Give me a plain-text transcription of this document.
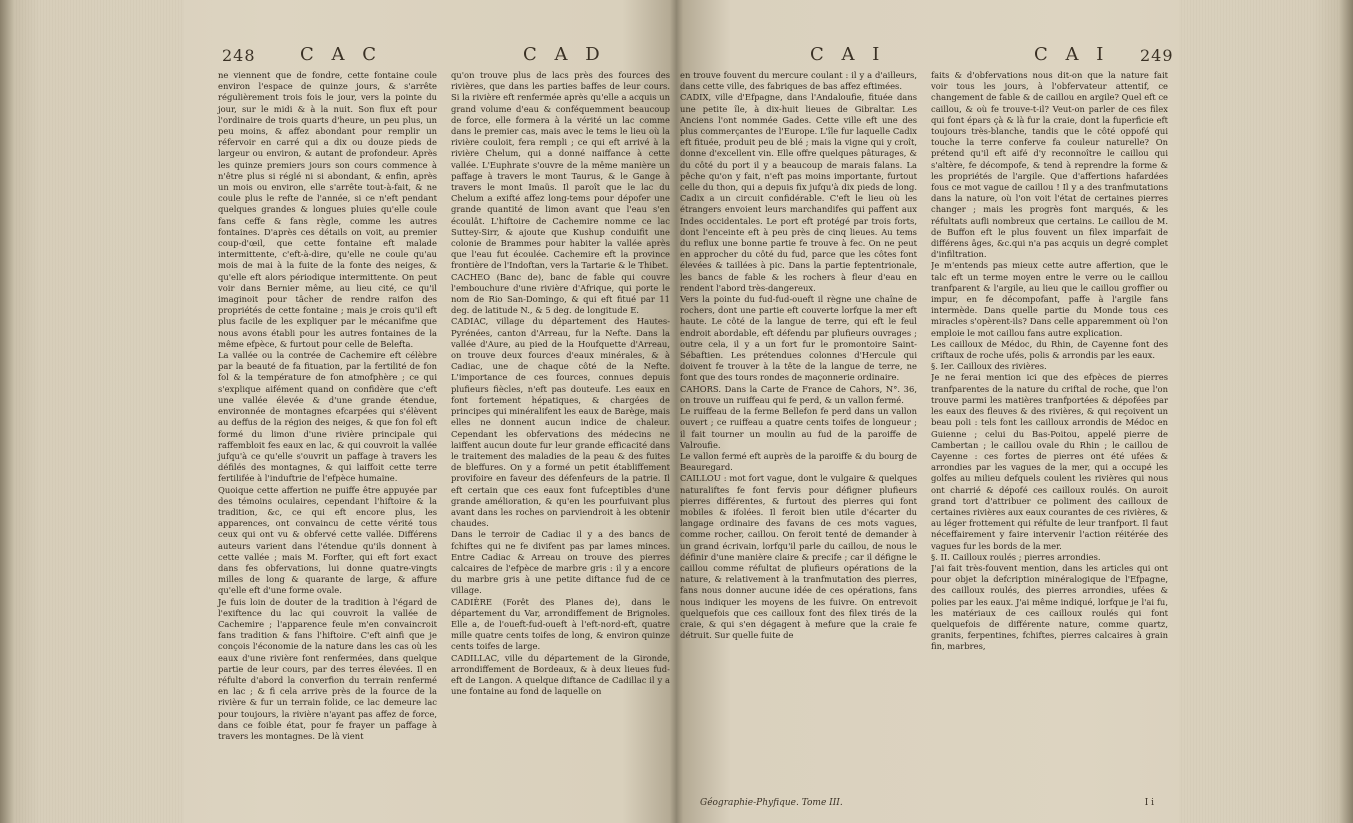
248 C A C	C A D
ne viennent que de fondre, cette fontaine coule environ l'espace de quinze jours, & s'arrête régulièrement trois fois le jour, vers la pointe du jour, sur le midi & à la nuit. Son flux eft pour l'ordinaire de trois quarts d'heure, un peu plus, un peu moins, & affez abondant pour remplir un réfervoir en carré qui a dix ou douze pieds de largeur ou environ, & autant de profondeur. Après les quinze premiers jours son cours commence à n'être plus si réglé ni si abondant, & enfin, après un mois ou environ, elle s'arrête tout-à-fait, & ne coule plus le refte de l'année, si ce n'eft pendant quelques grandes & longues pluies qu'elle coule fans ceffe & fans règle, comme les autres fontaines. D'après ces détails on voit, au premier coup-d'œil, que cette fontaine eft malade intermittente, c'eft-à-dire, qu'elle ne coule qu'au mois de mai à la fuite de la fonte des neiges, & qu'elle eft alors périodique intermittente. On peut voir dans Bernier même, au lieu cité, ce qu'il imaginoit pour tâcher de rendre raifon des propriétés de cette fontaine ; mais je crois qu'il eft plus facile de les expliquer par le mécanifme que nous avons établi pour les autres fontaines de la même efpèce, & furtout pour celle de Belefta.
La vallée ou la contrée de Cachemire eft célèbre par la beauté de fa fituation, par la fertilité de fon fol & la température de fon atmofphère ; ce qui s'explique aifément quand on confidère que c'eft une vallée élevée & d'une grande étendue, environnée de montagnes efcarpées qui s'élèvent au deffus de la région des neiges, & que fon fol eft formé du limon d'une rivière principale qui raffembloit fes eaux en lac, & qui couvroit la vallée jufqu'à ce qu'elle s'ouvrit un paffage à travers les défilés des montagnes, & qui laiffoit cette terre fertilifée à l'induftrie de l'efpèce humaine.
Quoique cette affertion ne puiffe être appuyée par des témoins oculaires, cependant l'hiftoire & la tradition, &c, ce qui eft encore plus, les apparences, ont convaincu de cette vérité tous ceux qui ont vu & obfervé cette vallée. Différens auteurs varient dans l'étendue qu'ils donnent à cette vallée ; mais M. Forfter, qui eft fort exact dans fes obfervations, lui donne quatre-vingts milles de long & quarante de large, & affure qu'elle eft d'une forme ovale.
Je fuis loin de douter de la tradition à l'égard de l'exiftence du lac qui couvroit la vallée de Cachemire ; l'apparence feule m'en convaincroit fans tradition & fans l'hiftoire. C'eft ainfi que je conçois l'économie de la nature dans les cas où les eaux d'une rivière font renfermées, dans quelque partie de leur cours, par des terres élevées. Il en réfulte d'abord la converfion du terrain renfermé en lac ; & fi cela arrive près de la fource de la rivière & fur un terrain folide, ce lac demeure lac pour toujours, la rivière n'ayant pas affez de force, dans ce foible état, pour fe frayer un paffage à travers les montagnes. De là vient
qu'on trouve plus de lacs près des fources des rivières, que dans les parties baffes de leur cours. Si la rivière eft renfermée après qu'elle a acquis un grand volume d'eau & conféquemment beaucoup de force, elle formera à la vérité un lac comme dans le premier cas, mais avec le tems le lieu où la rivière couloit, fera rempli ; ce qui eft arrivé à la rivière Chelum, qui a donné naiffance à cette vallée. L'Euphrate s'ouvre de la même manière un paffage à travers le mont Taurus, & le Gange à travers le mont Imaüs. Il paroît que le lac du Chelum a exifté affez long-tems pour dépofer une grande quantité de limon avant que l'eau s'en écoulât. L'hiftoire de Cachemire nomme ce lac Suttey-Sirr, & ajoute que Kushup conduifit une colonie de Brammes pour habiter la vallée après que l'eau fut écoulée. Cachemire eft la province frontière de l'Indoftan, vers la Tartarie & le Thibet.
CACHEO (Banc de), banc de fable qui couvre l'embouchure d'une rivière d'Afrique, qui porte le nom de Rio San-Domingo, & qui eft fitué par 11 deg. de latitude N., & 5 deg. de longitude E.
CADIAC, village du département des Hautes-Pyrénées, canton d'Arreau, fur la Nefte. Dans la vallée d'Aure, au pied de la Houfquette d'Arreau, on trouve deux fources d'eaux minérales, & à Cadiac, une de chaque côté de la Nefte. L'importance de ces fources, connues depuis plufieurs fiècles, n'eft pas douteufe. Les eaux en font fortement hépatiques, & chargées de principes qui minéralifent les eaux de Barège, mais elles ne donnent aucun indice de chaleur. Cependant les obfervations des médecins ne laiffent aucun doute fur leur grande efficacité dans le traitement des maladies de la peau & des fuites de bleffures. On y a formé un petit établiffement provifoire en faveur des défenfeurs de la patrie. Il eft certain que ces eaux font fufceptibles d'une grande amélioration, & qu'en les pourfuivant plus avant dans les roches on parviendroit à les obtenir chaudes.
Dans le terroir de Cadiac il y a des bancs de fchiftes qui ne fe divifent pas par lames minces. Entre Cadiac & Arreau on trouve des pierres calcaires de l'efpèce de marbre gris : il y a encore du marbre gris à une petite diftance fud de ce village.
CADIÈRE (Forêt des Planes de), dans le département du Var, arrondiffement de Brignoles. Elle a, de l'oueft-fud-oueft à l'eft-nord-eft, quatre mille quatre cents toifes de long, & environ quinze cents toifes de large.
CADILLAC, ville du département de la Gironde, arrondiffement de Bordeaux, & à deux lieues fud-eft de Langon. A quelque diftance de Cadillac il y a une fontaine au fond de laquelle on
C A I	C A I 249
en trouve fouvent du mercure coulant : il y a d'ailleurs, dans cette ville, des fabriques de bas affez eftimées.
CADIX, ville d'Efpagne, dans l'Andaloufie, fituée dans une petite île, à dix-huit lieues de Gibraltar. Les Anciens l'ont nommée Gades. Cette ville eft une des plus commerçantes de l'Europe. L'île fur laquelle Cadix eft fituée, produit peu de blé ; mais la vigne qui y croît, donne d'excellent vin. Elle offre quelques pâturages, & du côté du port il y a beaucoup de marais falans. La pêche qu'on y fait, n'eft pas moins importante, furtout celle du thon, qui a depuis fix jufqu'à dix pieds de long. Cadix a un circuit confidérable. C'eft le lieu où les étrangers envoient leurs marchandifes qui paffent aux Indes occidentales. Le port eft protégé par trois forts, dont l'enceinte eft à peu près de cinq lieues. Au tems du reflux une bonne partie fe trouve à fec. On ne peut en approcher du côté du fud, parce que les côtes font élevées & taillées à pic. Dans la partie feptentrionale, les bancs de fable & les rochers à fleur d'eau en rendent l'abord très-dangereux.
Vers la pointe du fud-fud-oueft il règne une chaîne de rochers, dont une partie eft couverte lorfque la mer eft haute. Le côté de la langue de terre, qui eft le feul endroit abordable, eft défendu par plufieurs ouvrages ; outre cela, il y a un fort fur le promontoire Saint-Sébaftien. Les prétendues colonnes d'Hercule qui doivent fe trouver à la tête de la langue de terre, ne font que des tours rondes de maçonnerie ordinaire.
CAHORS. Dans la Carte de France de Cahors, N°. 36, on trouve un ruiffeau qui fe perd, & un vallon fermé.
Le ruiffeau de la ferme Bellefon fe perd dans un vallon ouvert ; ce ruiffeau a quatre cents toifes de longueur ; il fait tourner un moulin au fud de la paroiffe de Valroufie.
Le vallon fermé eft auprès de la paroiffe & du bourg de Beauregard.
CAILLOU : mot fort vague, dont le vulgaire & quelques naturaliftes fe font fervis pour défigner plufieurs pierres différentes, & furtout des pierres qui font mobiles & ifolées. Il feroit bien utile d'écarter du langage ordinaire des favans de ces mots vagues, comme rocher, caillou. On feroit tenté de demander à un grand écrivain, lorfqu'il parle du caillou, de nous le définir d'une manière claire & precife ; car il défigne le caillou comme réfultat de plufieurs opérations de la nature, & relativement à la tranfmutation des pierres, fans nous donner aucune idée de ces opérations, fans nous indiquer les moyens de les fuivre. On entrevoit quelquefois que ces cailloux font des filex tirés de la craie, & qui s'en dégagent à mefure que la craie fe détruit. Sur quelle fuite de
faits & d'obfervations nous dit-on que la nature fait voir tous les jours, à l'obfervateur attentif, ce changement de fable & de caillou en argile? Quel eft ce caillou, & où fe trouve-t-il? Veut-on parler de ces filex qui font épars çà & là fur la craie, dont la fuperficie eft toujours très-blanche, tandis que le côté oppofé qui touche la terre conferve fa couleur naturelle? On prétend qu'il eft aifé d'y reconnoître le caillou qui s'altère, fe décompofe, & tend à reprendre la forme & les propriétés de l'argile. Que d'affertions hafardées fous ce mot vague de caillou ! Il y a des tranfmutations dans la nature, où l'on voit l'état de certaines pierres changer ; mais les progrès font marqués, & les réfultats aufli nombreux que certains. Le caillou de M. de Buffon eft le plus fouvent un filex imparfait de différens âges, &c.qui n'a pas acquis un degré complet d'infiltration.
Je m'entends pas mieux cette autre affertion, que le talc eft un terme moyen entre le verre ou le caillou tranfparent & l'argile, au lieu que le caillou groffier ou impur, en fe décompofant, paffe à l'argile fans intermède. Dans quelle partie du Monde tous ces miracles s'opèrent-ils? Dans celle apparemment où l'on emploie le mot caillou fans autre explication.
Les cailloux de Médoc, du Rhin, de Cayenne font des criftaux de roche ufés, polis & arrondis par les eaux.
§. Ier. Cailloux des rivières.
Je ne ferai mention ici que des efpèces de pierres tranfparentes de la nature du criftal de roche, que l'on trouve parmi les matières tranfportées & dépofées par les eaux des fleuves & des rivières, & qui reçoivent un beau poli : tels font les cailloux arrondis de Médoc en Guienne ; celui du Bas-Poitou, appelé pierre de Cambertan ; le caillou ovale du Rhin ; le caillou de Cayenne : ces fortes de pierres ont été ufées & arrondies par les vagues de la mer, qui a occupé les golfes au milieu defquels coulent les rivières qui nous ont charrié & dépofé ces cailloux roulés. On auroit grand tort d'attribuer ce poliment des cailloux de certaines rivières aux eaux courantes de ces rivières, & au léger frottement qui réfulte de leur tranfport. Il faut néceffairement y faire intervenir l'action réitérée des vagues fur les bords de la mer.
§. II. Cailloux roulés ; pierres arrondies.
J'ai fait très-fouvent mention, dans les articles qui ont pour objet la defcription minéralogique de l'Efpagne, des cailloux roulés, des pierres arrondies, ufées & polies par les eaux. J'ai même indiqué, lorfque je l'ai fu, les matériaux de ces cailloux roulés qui font quelquefois de différente nature, comme quartz, granits, ferpentines, fchiftes, pierres calcaires à grain fin, marbres,
Géographie-Phyfique. Tome III.	I i
